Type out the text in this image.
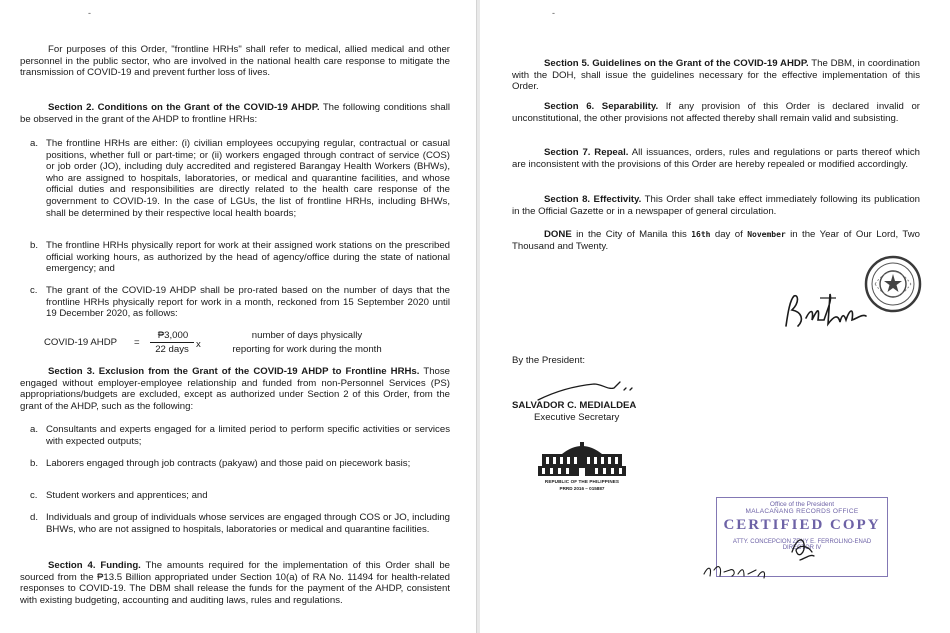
-

For purposes of this Order, "frontline HRHs" shall refer to medical, allied medical and other personnel in the public sector, who are involved in the national health care response to mitigate the transmission of COVID-19 and prevent further loss of lives.

Section 2. Conditions on the Grant of the COVID-19 AHDP. The following conditions shall be observed in the grant of the AHDP to frontline HRHs:

a. The frontline HRHs are either: (i) civilian employees occupying regular, contractual or casual positions, whether full or part-time; or (ii) workers engaged through contract of service (COS) or job order (JO), including duly accredited and registered Barangay Health Workers (BHWs), who are assigned to hospitals, laboratories, or medical and quarantine facilities, and whose official duties and responsibilities are directly related to the health care response of the government to COVID-19. In the case of LGUs, the list of frontline HRHs, including BHWs, shall be determined by their respective local health boards;

b. The frontline HRHs physically report for work at their assigned work stations on the prescribed official working hours, as authorized by the head of agency/office during the state of national emergency; and

c. The grant of the COVID-19 AHDP shall be pro-rated based on the number of days that the frontline HRHs physically report for work in a month, reckoned from 15 September 2020 until 19 December 2020, as follows:

COVID-19 AHDP =
₱3,000
22 days x
number of days physically
reporting for work during the month

Section 3. Exclusion from the Grant of the COVID-19 AHDP to Frontline HRHs. Those engaged without employer-employee relationship and funded from non-Personnel Services (PS) appropriations/budgets are excluded, except as authorized under Section 2 of this Order, from the grant of the AHDP, such as the following:

a. Consultants and experts engaged for a limited period to perform specific activities or services with expected outputs;

b. Laborers engaged through job contracts (pakyaw) and those paid on piecework basis;

c. Student workers and apprentices; and

d. Individuals and group of individuals whose services are engaged through COS or JO, including BHWs, who are not assigned to hospitals, laboratories or medical and quarantine facilities.

Section 4. Funding. The amounts required for the implementation of this Order shall be sourced from the ₱13.5 Billion appropriated under Section 10(a) of RA No. 11494 for health-related responses to COVID-19. The DBM shall release the funds for the payment of the AHDP, consistent with existing budgeting, accounting and auditing laws, rules and regulations.

-

Section 5. Guidelines on the Grant of the COVID-19 AHDP. The DBM, in coordination with the DOH, shall issue the guidelines necessary for the effective implementation of this Order.

Section 6. Separability. If any provision of this Order is declared invalid or unconstitutional, the other provisions not affected thereby shall remain valid and subsisting.

Section 7. Repeal. All issuances, orders, rules and regulations or parts thereof which are inconsistent with the provisions of this Order are hereby repealed or modified accordingly.

Section 8. Effectivity. This Order shall take effect immediately following its publication in the Official Gazette or in a newspaper of general circulation.

DONE in the City of Manila this 16th day of November in the Year of Our Lord, Two Thousand and Twenty.

By the President:

SALVADOR C. MEDIALDEA
Executive Secretary
REPUBLIC OF THE PHILIPPINES
PRRD 2016 – 015887
Office of the President
MALACAÑANG RECORDS OFFICE
CERTIFIED COPY
ATTY. CONCEPCION ZENY E. FERROLINO-ENAD
DIRECTOR IV
